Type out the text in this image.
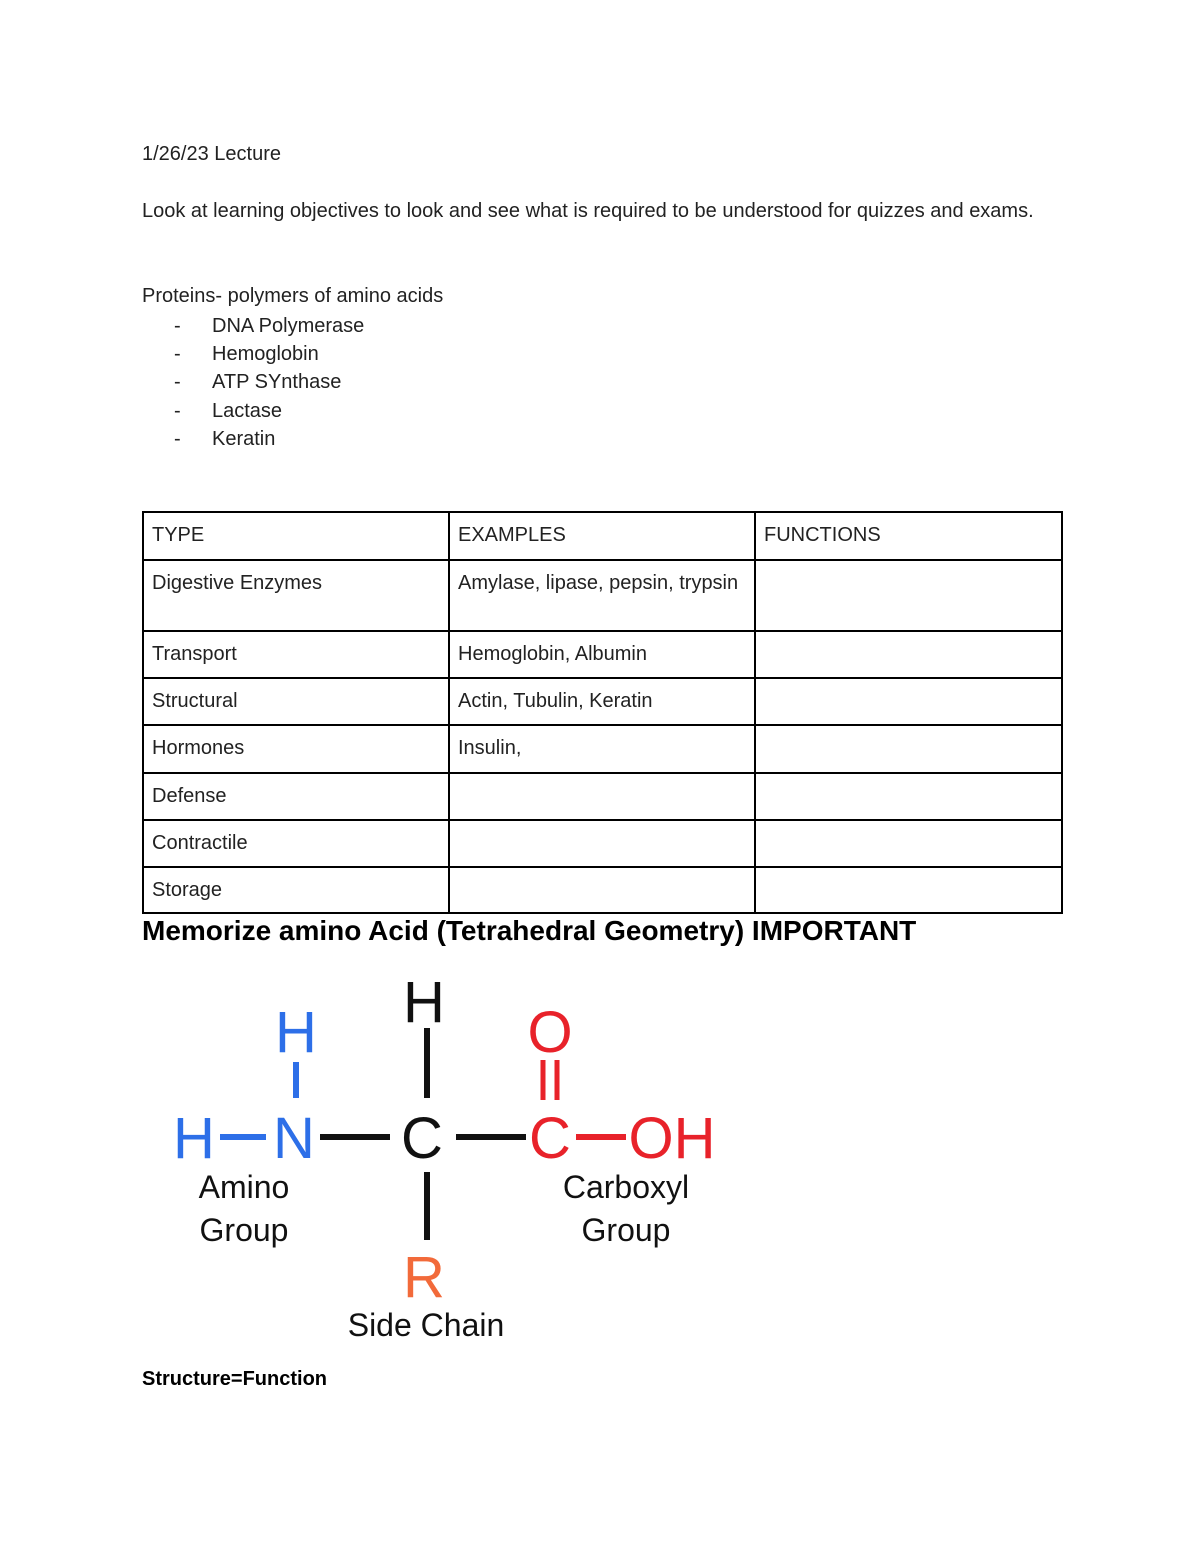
1/26/23 Lecture
Look at learning objectives to look and see what is required to be understood for quizzes and exams.
Proteins- polymers of amino acids
- DNA Polymerase
- Hemoglobin
- ATP SYnthase
- Lactase
- Keratin
TYPE	EXAMPLES	FUNCTIONS
Digestive Enzymes	Amylase, lipase, pepsin, trypsin	
Transport	Hemoglobin, Albumin	
Structural	Actin, Tubulin, Keratin	
Hormones	Insulin,	
Defense		
Contractile		
Storage		
Memorize amino Acid (Tetrahedral Geometry) IMPORTANT
H
H N
H
C
O
C OH
R
Amino
Group
Carboxyl
Group
Side Chain
Structure=Function
